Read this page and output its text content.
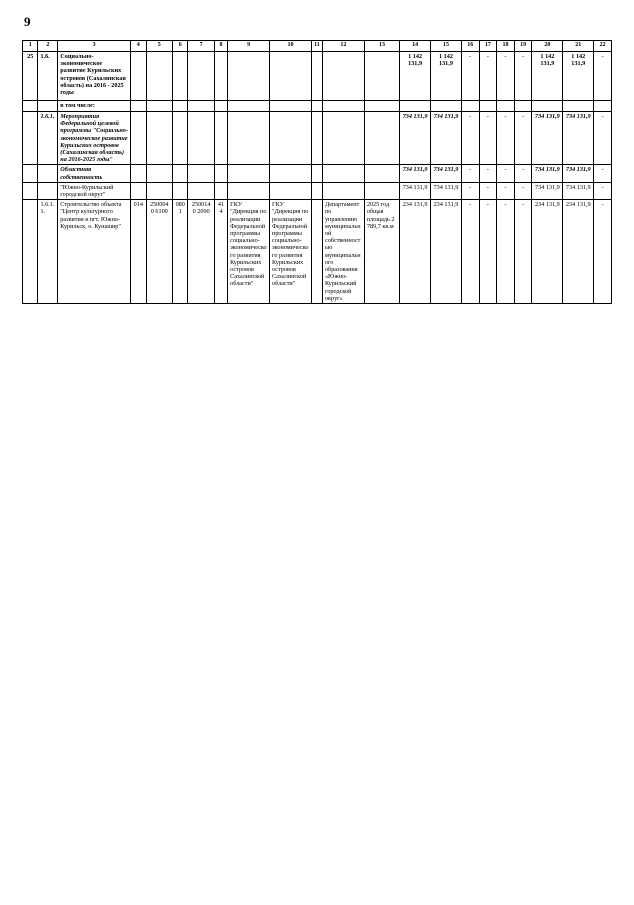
9
1	2	3	4	5	6	7	8	9	10	11	12	13	14	15	16	17	18	19	20	21	22
25	1.6.	Социально-экономическое развитие Курильских островов (Сахалинская область) на 2016 - 2025 годы											1 142 131,9	1 142 131,9	-	-	-	-	1 142 131,9	1 142 131,9	-
		в том числе:																			
	1.6.1.	Мероприятия Федеральной целевой программы "Социально-экономическое развитие Курильских островов (Сахалинская область) на 2016-2025 годы"											734 131,9	734 131,9	-	-	-	-	734 131,9	734 131,9	-
		Областная собственность											734 131,9	734 131,9	-	-	-	-	734 131,9	734 131,9	-
		"Южно-Курильский городской округ"											734 131,9	734 131,9	-	-	-	-	734 131,9	734 131,9	-
	1.6.1.1.	Строительство объекта "Центр культурного развития в пгт. Южно-Курильск, о. Кунашир"	014	2500040 6100	0801	2500140 2090	414	ГКУ "Дирекция по реализации Федеральной программы социально-экономического развития Курильских островов Сахалинской области"	ГКУ "Дирекция по реализации Федеральной программы социально-экономического развития Курильских островов Сахалинской области"		Департамент по управлению муниципальной собственностью муниципального образования «Южно-Курильский городской округ»	2025 год общая площадь 2 789,7 кв.м	234 131,9	234 131,9	-	-	-	-	234 131,9	234 131,9	-
